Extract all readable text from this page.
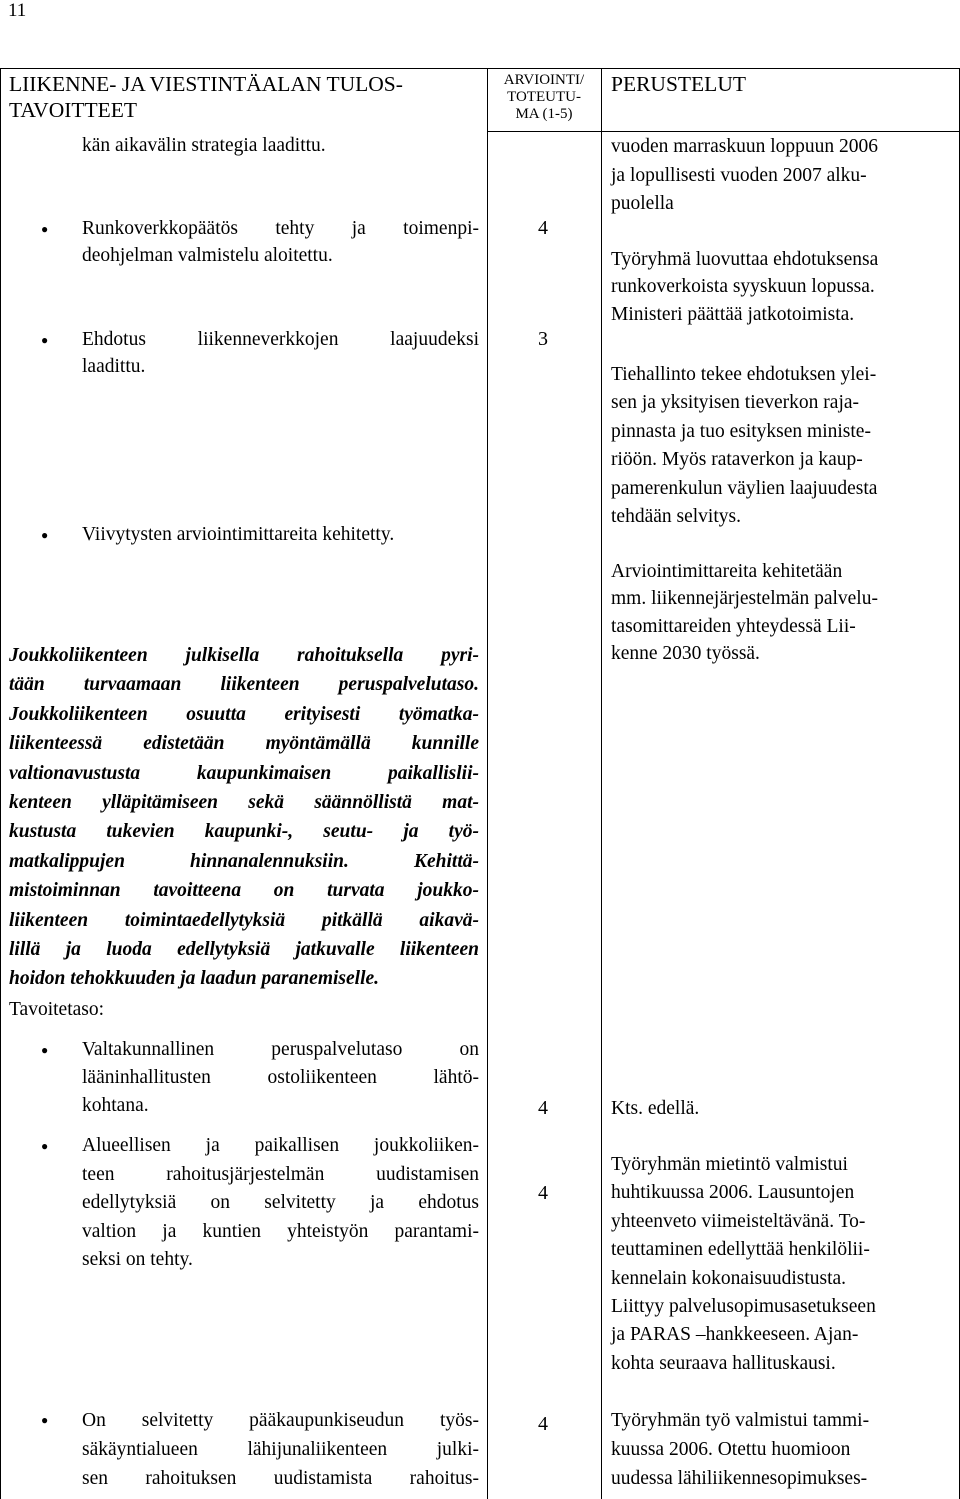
11
LIIKENNE- JA VIESTINTÄALAN TULOS-
TAVOITTEET
ARVIOINTI/
TOTEUTU-
MA (1-5)
PERUSTELUT
kän aikavälin strategia laadittu.
● Runkoverkkopäätös tehty ja toimenpi-
deohjelman valmistelu aloitettu.
● Ehdotus liikenneverkkojen laajuudeksi
laadittu.
● Viivytysten arviointimittareita kehitetty.
Joukkoliikenteen julkisella rahoituksella pyri-
tään turvaamaan liikenteen peruspalvelutaso.
Joukkoliikenteen osuutta erityisesti työmatka-
liikenteessä edistetään myöntämällä kunnille
valtionavustusta kaupunkimaisen paikallislii-
kenteen ylläpitämiseen sekä säännöllistä mat-
kustusta tukevien kaupunki-, seutu- ja työ-
matkalippujen hinnanalennuksiin. Kehittä-
mistoiminnan tavoitteena on turvata joukko-
liikenteen toimintaedellytyksiä pitkällä aikavä-
lillä ja luoda edellytyksiä jatkuvalle liikenteen
hoidon tehokkuuden ja laadun paranemiselle.
Tavoitetaso:
● Valtakunnallinen peruspalvelutaso on
lääninhallitusten ostoliikenteen lähtö-
kohtana.
● Alueellisen ja paikallisen joukkoliiken-
teen rahoitusjärjestelmän uudistamisen
edellytyksiä on selvitetty ja ehdotus
valtion ja kuntien yhteistyön parantami-
seksi on tehty.
● On selvitetty pääkaupunkiseudun työs-
säkäyntialueen lähijunaliikenteen julki-
sen rahoituksen uudistamista rahoitus-
4
3
4
4
4
vuoden marraskuun loppuun 2006
ja lopullisesti vuoden 2007 alku-
puolella
Työryhmä luovuttaa ehdotuksensa
runkoverkoista syyskuun lopussa.
Ministeri päättää jatkotoimista.
Tiehallinto tekee ehdotuksen ylei-
sen ja yksityisen tieverkon raja-
pinnasta ja tuo esityksen ministe-
riöön. Myös rataverkon ja kaup-
pamerenkulun väylien laajuudesta
tehdään selvitys.
Arviointimittareita kehitetään
mm. liikennejärjestelmän palvelu-
tasomittareiden yhteydessä Lii-
kenne 2030 työssä.
Kts. edellä.
Työryhmän mietintö valmistui
huhtikuussa 2006. Lausuntojen
yhteenveto viimeisteltävänä. To-
teuttaminen edellyttää henkilölii-
kennelain kokonaisuudistusta.
Liittyy palvelusopimusasetukseen
ja PARAS –hankkeeseen. Ajan-
kohta seuraava hallituskausi.
Työryhmän työ valmistui tammi-
kuussa 2006. Otettu huomioon
uudessa lähiliikennesopimukses-
